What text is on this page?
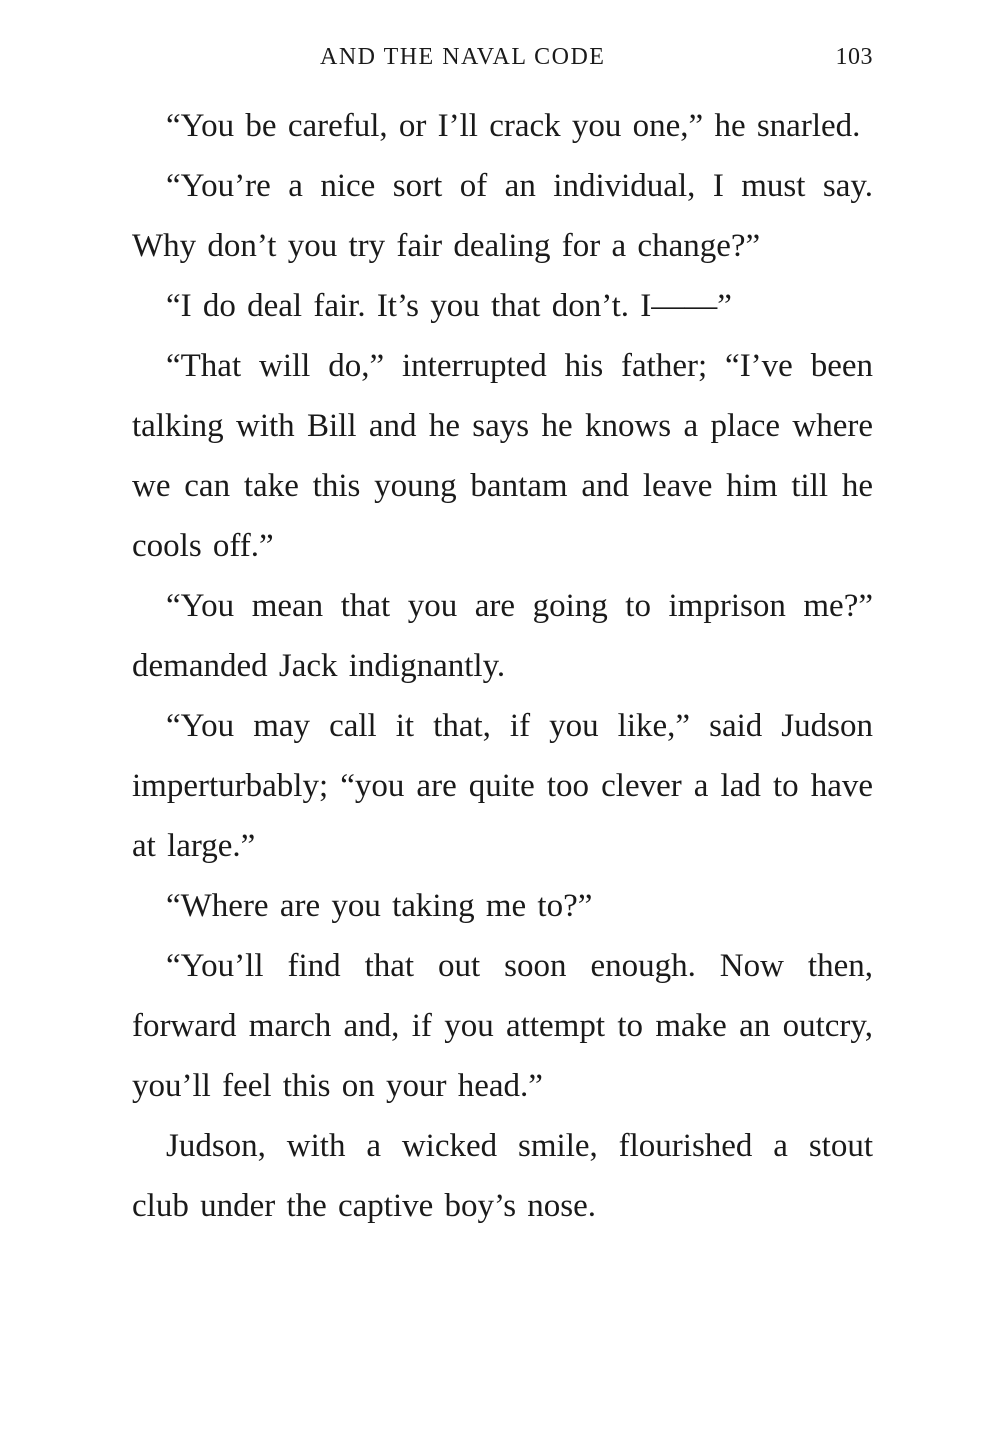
AND THE NAVAL CODE	103

“You be careful, or I’ll crack you one,” he snarled.

“You’re a nice sort of an individual, I must say. Why don’t you try fair dealing for a change?”

“I do deal fair. It’s you that don’t. I——”

“That will do,” interrupted his father; “I’ve been talking with Bill and he says he knows a place where we can take this young bantam and leave him till he cools off.”

“You mean that you are going to imprison me?” demanded Jack indignantly.

“You may call it that, if you like,” said Judson imperturbably; “you are quite too clever a lad to have at large.”

“Where are you taking me to?”

“You’ll find that out soon enough. Now then, forward march and, if you attempt to make an outcry, you’ll feel this on your head.”

Judson, with a wicked smile, flourished a stout club under the captive boy’s nose.
